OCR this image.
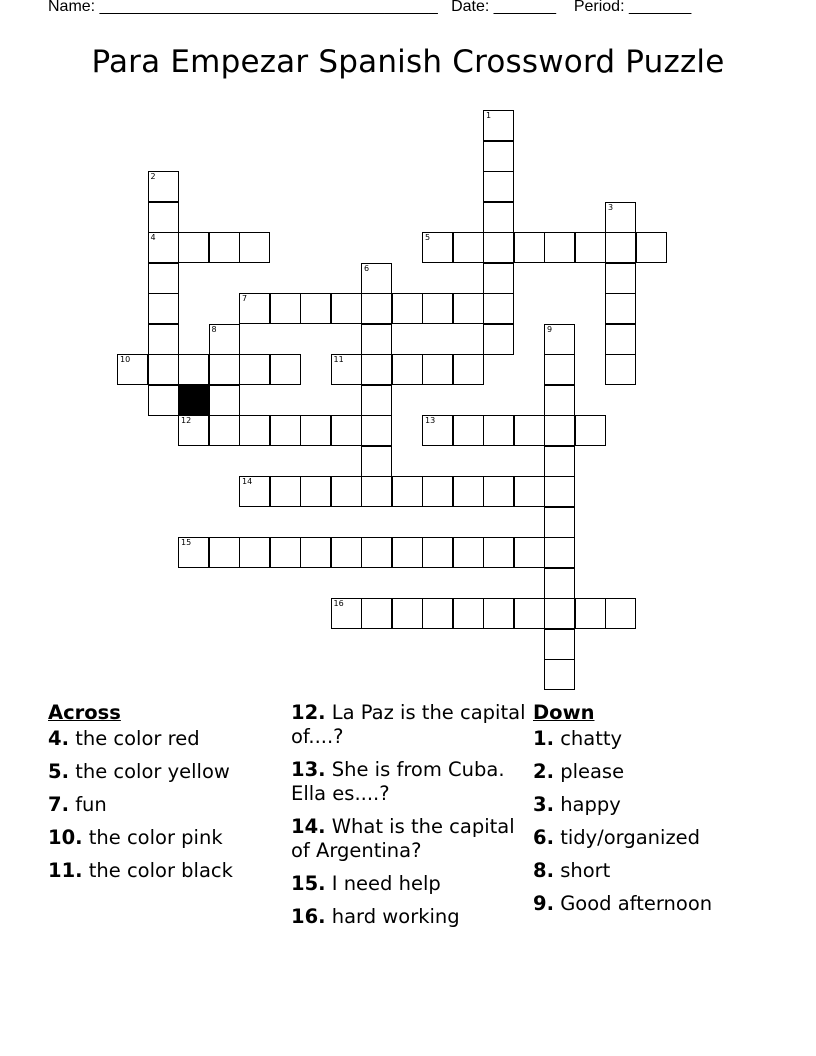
Name: ______________________________________ Date: _______ Period: _______
Para Empezar Spanish Crossword Puzzle
1
2
4
3
5
6
7
8	9
10	11
12	13
14
15
16
Across
4. the color red
5. the color yellow
7. fun
10. the color pink
11. the color black
12. La Paz is the capital of....?
13. She is from Cuba. Ella es....?
14. What is the capital of Argentina?
15. I need help
16. hard working
Down
1. chatty
2. please
3. happy
6. tidy/organized
8. short
9. Good afternoon
